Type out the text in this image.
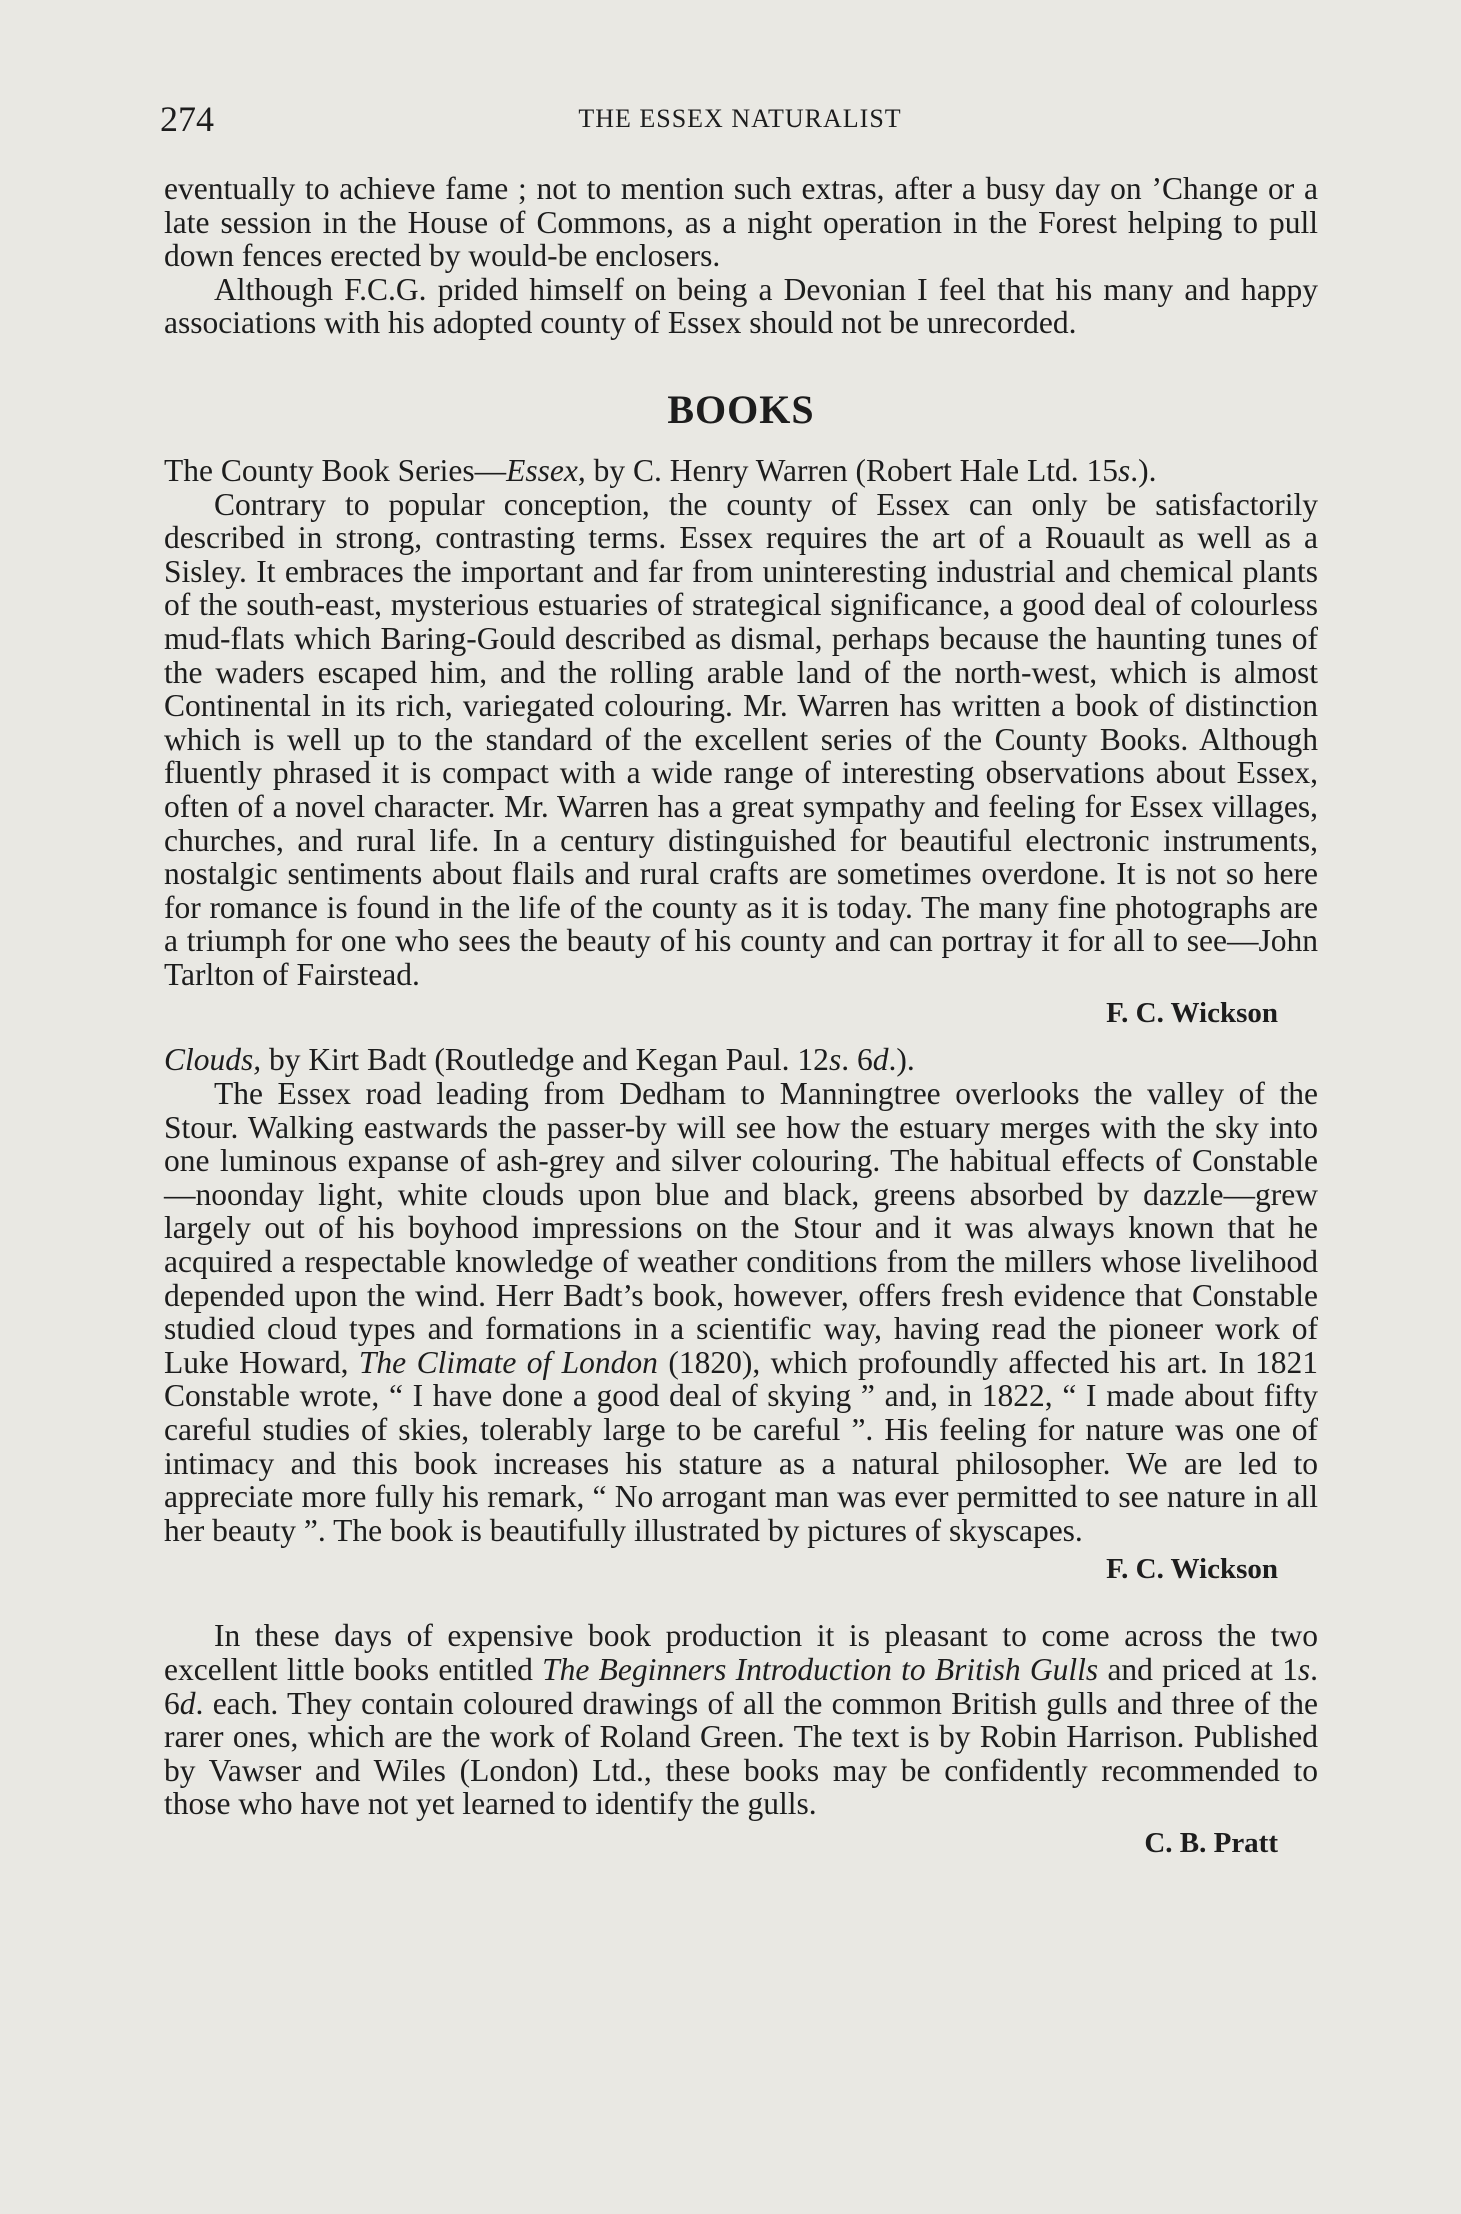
274	THE ESSEX NATURALIST

eventually to achieve fame ; not to mention such extras, after a busy day on ’Change or a late session in the House of Commons, as a night operation in the Forest helping to pull down fences erected by would-be enclosers.

Although F.C.G. prided himself on being a Devonian I feel that his many and happy associations with his adopted county of Essex should not be unrecorded.

BOOKS

The County Book Series—Essex, by C. Henry Warren (Robert Hale Ltd. 15s.).

Contrary to popular conception, the county of Essex can only be satisfactorily described in strong, contrasting terms. Essex requires the art of a Rouault as well as a Sisley. It embraces the important and far from uninteresting industrial and chemical plants of the south-east, mysterious estuaries of strategical significance, a good deal of colourless mud-flats which Baring-Gould described as dismal, perhaps because the haunting tunes of the waders escaped him, and the rolling arable land of the north-west, which is almost Continental in its rich, variegated colouring. Mr. Warren has written a book of distinction which is well up to the standard of the excellent series of the County Books. Although fluently phrased it is compact with a wide range of interesting observations about Essex, often of a novel character. Mr. Warren has a great sympathy and feeling for Essex villages, churches, and rural life. In a century distinguished for beautiful electronic instruments, nostalgic sentiments about flails and rural crafts are sometimes overdone. It is not so here for romance is found in the life of the county as it is today. The many fine photographs are a triumph for one who sees the beauty of his county and can portray it for all to see—John Tarlton of Fairstead.

F. C. Wickson

Clouds, by Kirt Badt (Routledge and Kegan Paul. 12s. 6d.).

The Essex road leading from Dedham to Manningtree overlooks the valley of the Stour. Walking eastwards the passer-by will see how the estuary merges with the sky into one luminous expanse of ash-grey and silver colouring. The habitual effects of Constable—noonday light, white clouds upon blue and black, greens absorbed by dazzle—grew largely out of his boyhood impressions on the Stour and it was always known that he acquired a respectable knowledge of weather conditions from the millers whose livelihood depended upon the wind. Herr Badt’s book, however, offers fresh evidence that Constable studied cloud types and formations in a scientific way, having read the pioneer work of Luke Howard, The Climate of London (1820), which profoundly affected his art. In 1821 Constable wrote, “ I have done a good deal of skying ” and, in 1822, “ I made about fifty careful studies of skies, tolerably large to be careful ”. His feeling for nature was one of intimacy and this book increases his stature as a natural philosopher. We are led to appreciate more fully his remark, “ No arrogant man was ever permitted to see nature in all her beauty ”. The book is beautifully illustrated by pictures of skyscapes.

F. C. Wickson

In these days of expensive book production it is pleasant to come across the two excellent little books entitled The Beginners Introduction to British Gulls and priced at 1s. 6d. each. They contain coloured drawings of all the common British gulls and three of the rarer ones, which are the work of Roland Green. The text is by Robin Harrison. Published by Vawser and Wiles (London) Ltd., these books may be confidently recommended to those who have not yet learned to identify the gulls.

C. B. Pratt
